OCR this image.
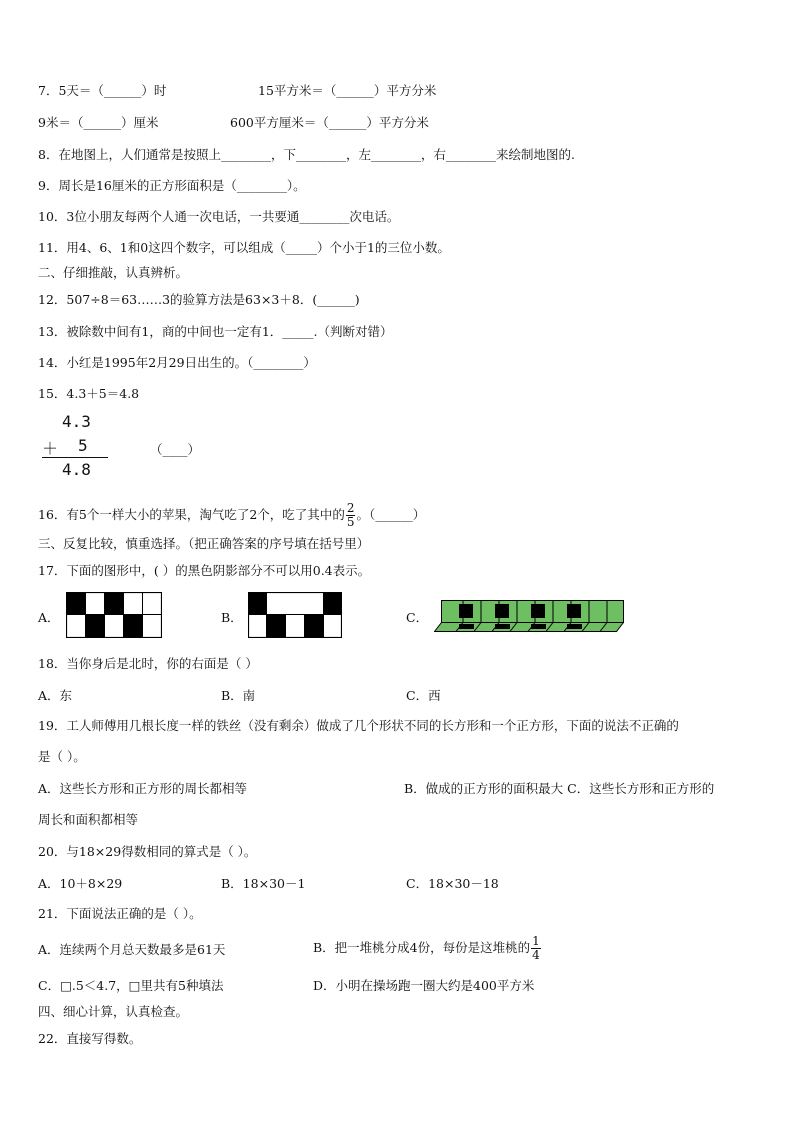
7．5天＝（______）时	15平方米＝（______）平方分米
9米＝（______）厘米	600平方厘米＝（______）平方分米
8．在地图上，人们通常是按照上________，下________，左________，右________来绘制地图的.
9．周长是16厘米的正方形面积是（________）。
10．3位小朋友每两个人通一次电话，一共要通________次电话。
11．用4、6、1和0这四个数字，可以组成（_____）个小于1的三位小数。
二、仔细推敲，认真辨析。
12．507÷8＝63……3的验算方法是63×3＋8．(______)
13．被除数中间有1，商的中间也一定有1．_____.（判断对错）
14．小红是1995年2月29日出生的。（________）
15．4.3＋5＝4.8
4.3
＋ 5
4.8
（____）
16．有5个一样大小的苹果，淘气吃了2个，吃了其中的 $\frac{2}{5}$ 。（______）
三、反复比较，慎重选择。（把正确答案的序号填在括号里）
17．下面的图形中，( ）的黑色阴影部分不可以用0.4表示。
A．	B．	C．
18．当你身后是北时，你的右面是（ ）
A．东	B．南	C．西
19．工人师傅用几根长度一样的铁丝（没有剩余）做成了几个形状不同的长方形和一个正方形，下面的说法不正确的
是（ ）。
A．这些长方形和正方形的周长都相等	B．做成的正方形的面积最大 C．这些长方形和正方形的
周长和面积都相等
20．与18×29得数相同的算式是（ ）。
A．10＋8×29	B．18×30－1	C．18×30－18
21．下面说法正确的是（ ）。
A．连续两个月总天数最多是61天	B．把一堆桃分成4份，每份是这堆桃的 $\frac{1}{4}$
C．□.5＜4.7，□里共有5种填法	D．小明在操场跑一圈大约是400平方米
四、细心计算，认真检查。
22．直接写得数。
